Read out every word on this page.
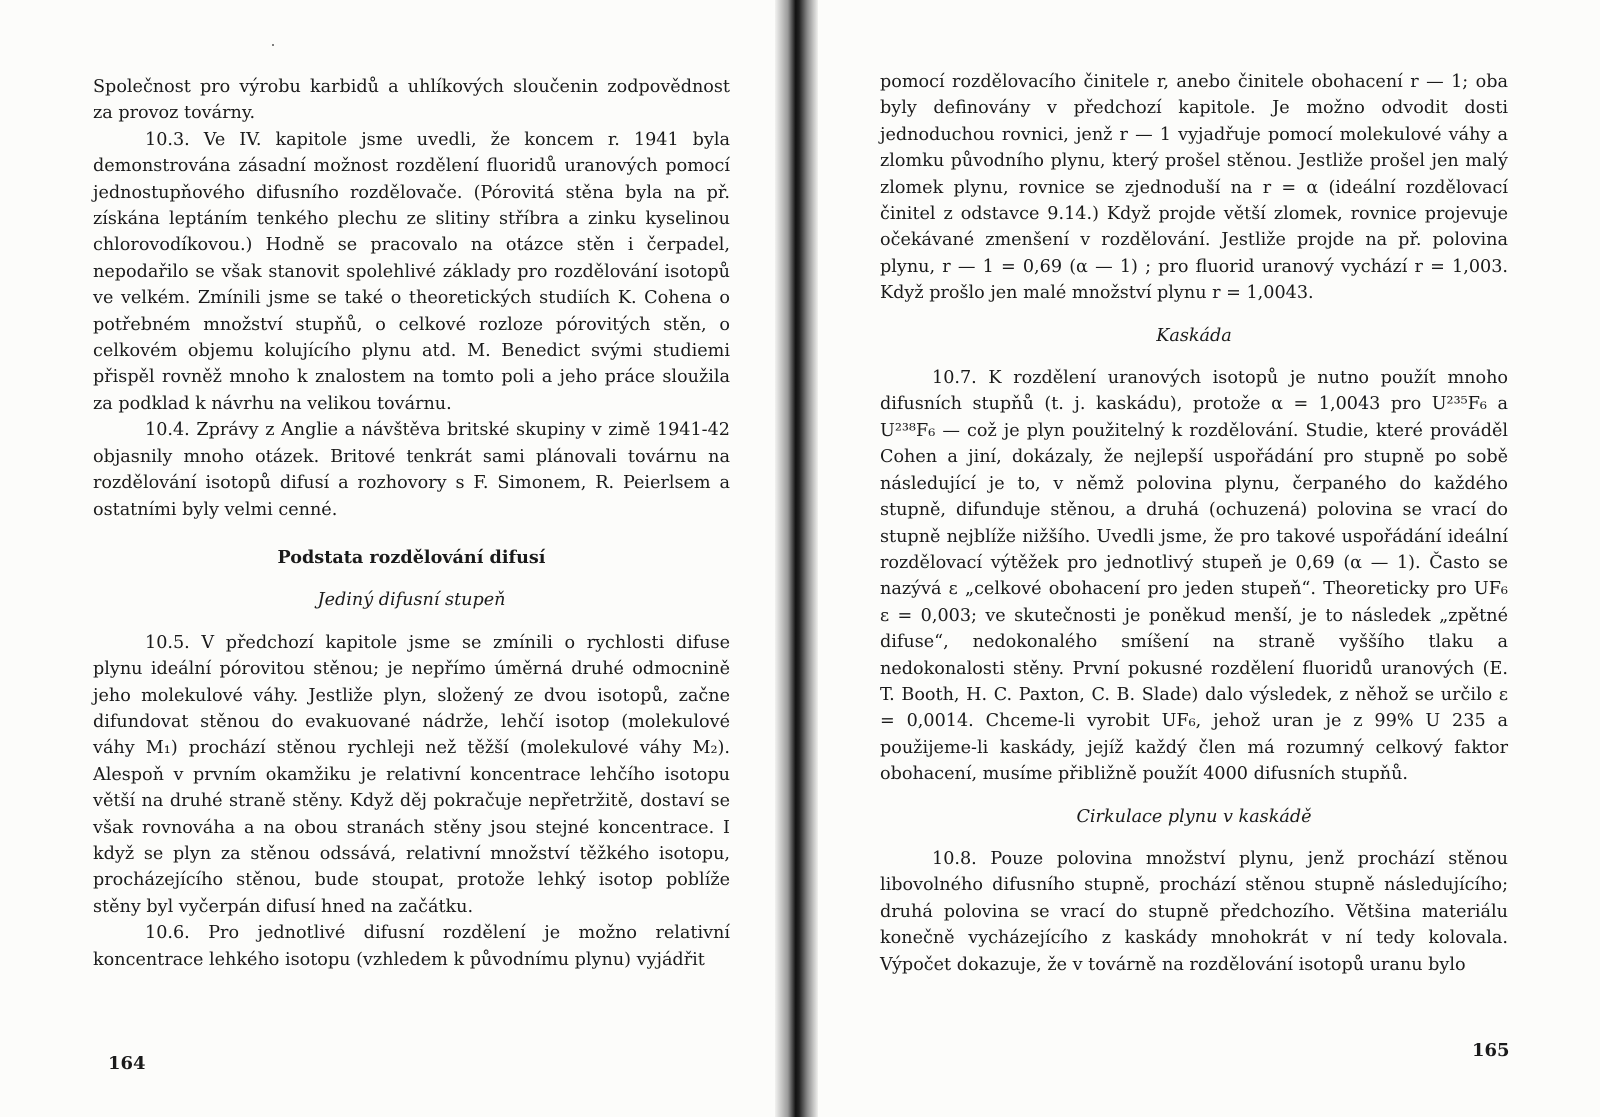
Společnost pro výrobu karbidů a uhlíkových sloučenin zodpovědnost za provoz továrny.

10.3. Ve IV. kapitole jsme uvedli, že koncem r. 1941 byla demonstrována zásadní možnost rozdělení fluoridů uranových pomocí jednostupňového difusního rozdělovače. (Pórovitá stěna byla na př. získána leptáním tenkého plechu ze slitiny stříbra a zinku kyselinou chlorovodíkovou.) Hodně se pracovalo na otázce stěn i čerpadel, nepodařilo se však stanovit spolehlivé základy pro rozdělování isotopů ve velkém. Zmínili jsme se také o theoretických studiích K. Cohena o potřebném množství stupňů, o celkové rozloze pórovitých stěn, o celkovém objemu kolujícího plynu atd. M. Benedict svými studiemi přispěl rovněž mnoho k znalostem na tomto poli a jeho práce sloužila za podklad k návrhu na velikou továrnu.

10.4. Zprávy z Anglie a návštěva britské skupiny v zimě 1941-42 objasnily mnoho otázek. Britové tenkrát sami plánovali továrnu na rozdělování isotopů difusí a rozhovory s F. Simonem, R. Peierlsem a ostatními byly velmi cenné.

Podstata rozdělování difusí

Jediný difusní stupeň

10.5. V předchozí kapitole jsme se zmínili o rychlosti difuse plynu ideální pórovitou stěnou; je nepřímo úměrná druhé odmocnině jeho molekulové váhy. Jestliže plyn, složený ze dvou isotopů, začne difundovat stěnou do evakuované nádrže, lehčí isotop (molekulové váhy M₁) prochází stěnou rychleji než těžší (molekulové váhy M₂). Alespoň v prvním okamžiku je relativní koncentrace lehčího isotopu větší na druhé straně stěny. Když děj pokračuje nepřetržitě, dostaví se však rovnováha a na obou stranách stěny jsou stejné koncentrace. I když se plyn za stěnou odssává, relativní množství těžkého isotopu, procházejícího stěnou, bude stoupat, protože lehký isotop poblíže stěny byl vyčerpán difusí hned na začátku.

10.6. Pro jednotlivé difusní rozdělení je možno relativní koncentrace lehkého isotopu (vzhledem k původnímu plynu) vyjádřit

164

pomocí rozdělovacího činitele r, anebo činitele obohacení r — 1; oba byly definovány v předchozí kapitole. Je možno odvodit dosti jednoduchou rovnici, jenž r — 1 vyjadřuje pomocí molekulové váhy a zlomku původního plynu, který prošel stěnou. Jestliže prošel jen malý zlomek plynu, rovnice se zjednoduší na r = α (ideální rozdělovací činitel z odstavce 9.14.) Když projde větší zlomek, rovnice projevuje očekávané zmenšení v rozdělování. Jestliže projde na př. polovina plynu, r — 1 = 0,69 (α — 1) ; pro fluorid uranový vychází r = 1,003. Když prošlo jen malé množství plynu r = 1,0043.

Kaskáda

10.7. K rozdělení uranových isotopů je nutno použít mnoho difusních stupňů (t. j. kaskádu), protože α = 1,0043 pro U²³⁵F₆ a U²³⁸F₆ — což je plyn použitelný k rozdělování. Studie, které prováděl Cohen a jiní, dokázaly, že nejlepší uspořádání pro stupně po sobě následující je to, v němž polovina plynu, čerpaného do každého stupně, difunduje stěnou, a druhá (ochuzená) polovina se vrací do stupně nejblíže nižšího. Uvedli jsme, že pro takové uspořádání ideální rozdělovací výtěžek pro jednotlivý stupeň je 0,69 (α — 1). Často se nazývá ε „celkové obohacení pro jeden stupeň“. Theoreticky pro UF₆ ε = 0,003; ve skutečnosti je poněkud menší, je to následek „zpětné difuse“, nedokonalého smíšení na straně vyššího tlaku a nedokonalosti stěny. První pokusné rozdělení fluoridů uranových (E. T. Booth, H. C. Paxton, C. B. Slade) dalo výsledek, z něhož se určilo ε = 0,0014. Chceme-li vyrobit UF₆, jehož uran je z 99% U 235 a použijeme-li kaskády, jejíž každý člen má rozumný celkový faktor obohacení, musíme přibližně použít 4000 difusních stupňů.

Cirkulace plynu v kaskádě

10.8. Pouze polovina množství plynu, jenž prochází stěnou libovolného difusního stupně, prochází stěnou stupně následujícího; druhá polovina se vrací do stupně předchozího. Většina materiálu konečně vycházejícího z kaskády mnohokrát v ní tedy kolovala. Výpočet dokazuje, že v továrně na rozdělování isotopů uranu bylo

165
